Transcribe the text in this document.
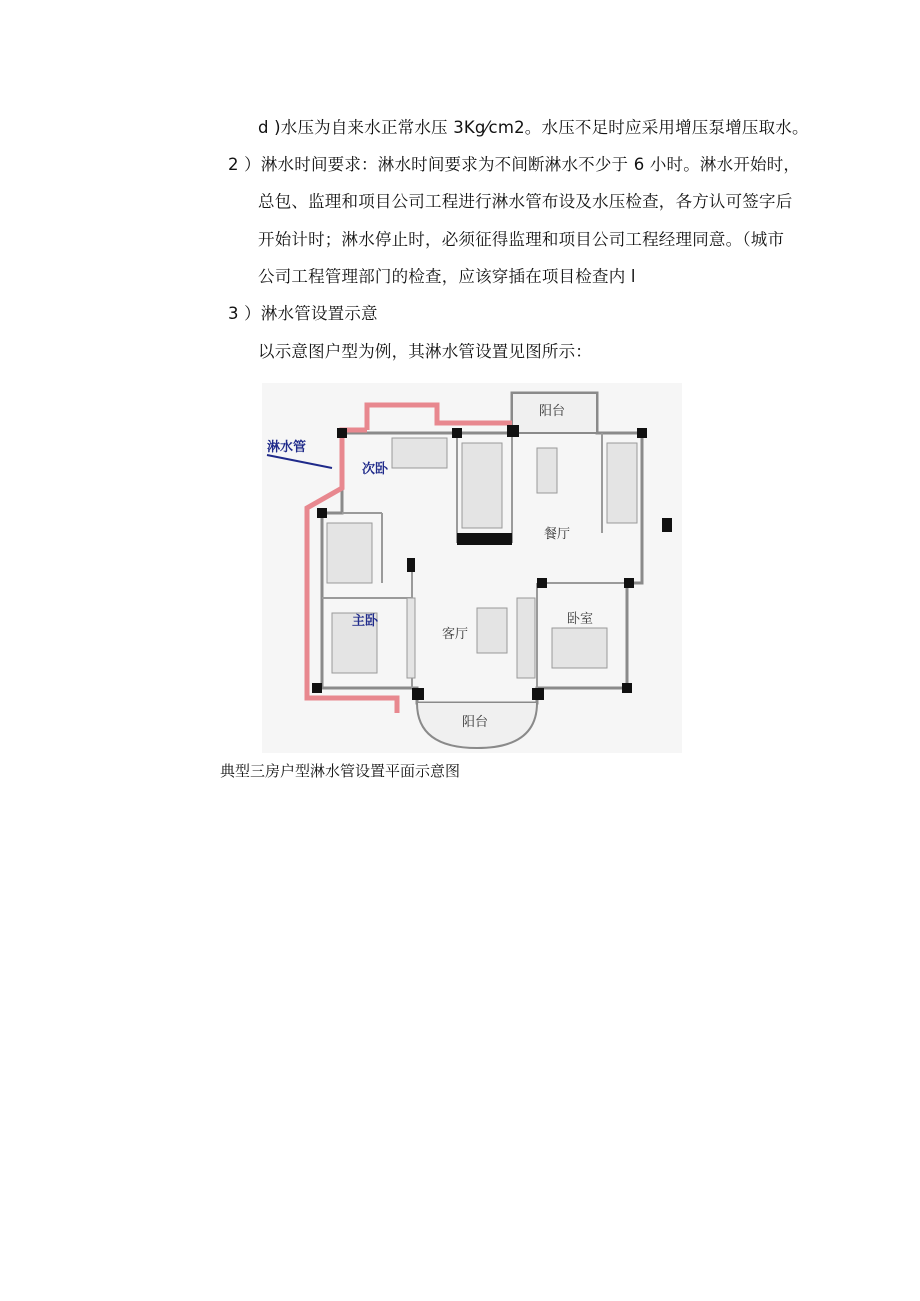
d )水压为自来水正常水压 3Kg⁄cm2。水压不足时应采用增压泵增压取水。
2 ）淋水时间要求：淋水时间要求为不间断淋水不少于 6 小时。淋水开始时，
总包、监理和项目公司工程进行淋水管布设及水压检查，各方认可签字后
开始计时；淋水停止时，必须征得监理和项目公司工程经理同意。（城市
公司工程管理部门的检查，应该穿插在项目检查内 l
3 ）淋水管设置示意
以示意图户型为例，其淋水管设置见图所示：
淋水管
阳台
次卧
餐厅
主卧
客厅
卧室
阳台
典型三房户型淋水管设置平面示意图
